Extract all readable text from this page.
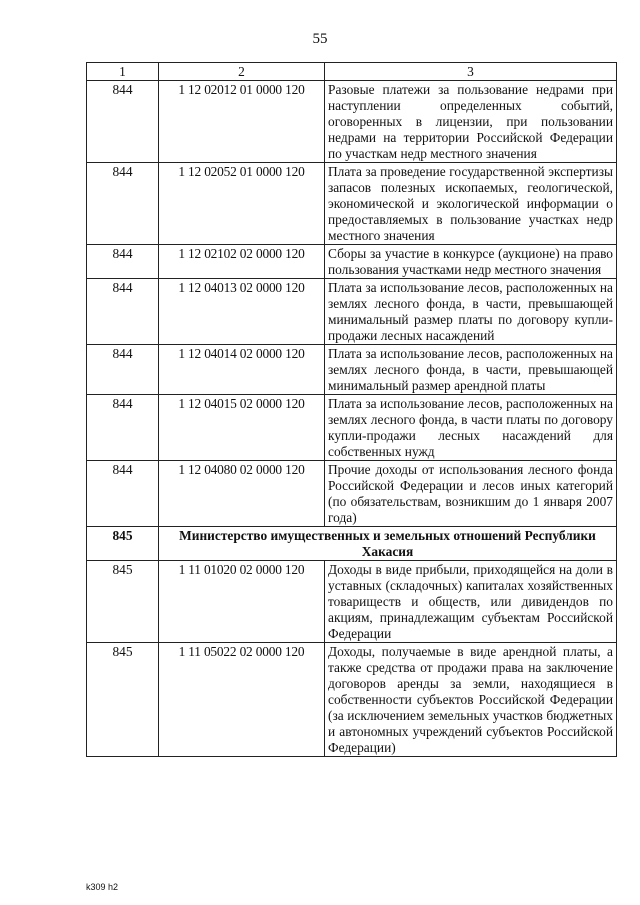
55
1	2	3
844	1 12 02012 01 0000 120	Разовые платежи за пользование недрами при наступлении определенных событий, оговоренных в лицензии, при пользовании недрами на территории Российской Федерации по участкам недр местного значения
844	1 12 02052 01 0000 120	Плата за проведение государственной экспертизы запасов полезных ископаемых, геологической, экономической и экологической информации о предоставляемых в пользование участках недр местного значения
844	1 12 02102 02 0000 120	Сборы за участие в конкурсе (аукционе) на право пользования участками недр местного значения
844	1 12 04013 02 0000 120	Плата за использование лесов, расположенных на землях лесного фонда, в части, превышающей минимальный размер платы по договору купли-продажи лесных насаждений
844	1 12 04014 02 0000 120	Плата за использование лесов, расположенных на землях лесного фонда, в части, превышающей минимальный размер арендной платы
844	1 12 04015 02 0000 120	Плата за использование лесов, расположенных на землях лесного фонда, в части платы по договору купли-продажи лесных насаждений для собственных нужд
844	1 12 04080 02 0000 120	Прочие доходы от использования лесного фонда Российской Федерации и лесов иных категорий (по обязательствам, возникшим до 1 января 2007 года)
845	Министерство имущественных и земельных отношений Республики Хакасия	
845	1 11 01020 02 0000 120	Доходы в виде прибыли, приходящейся на доли в уставных (складочных) капиталах хозяйственных товариществ и обществ, или дивидендов по акциям, принадлежащим субъектам Российской Федерации
845	1 11 05022 02 0000 120	Доходы, получаемые в виде арендной платы, а также средства от продажи права на заключение договоров аренды за земли, находящиеся в собственности субъектов Российской Федерации (за исключением земельных участков бюджетных и автономных учреждений субъектов Российской Федерации)
k309 h2
